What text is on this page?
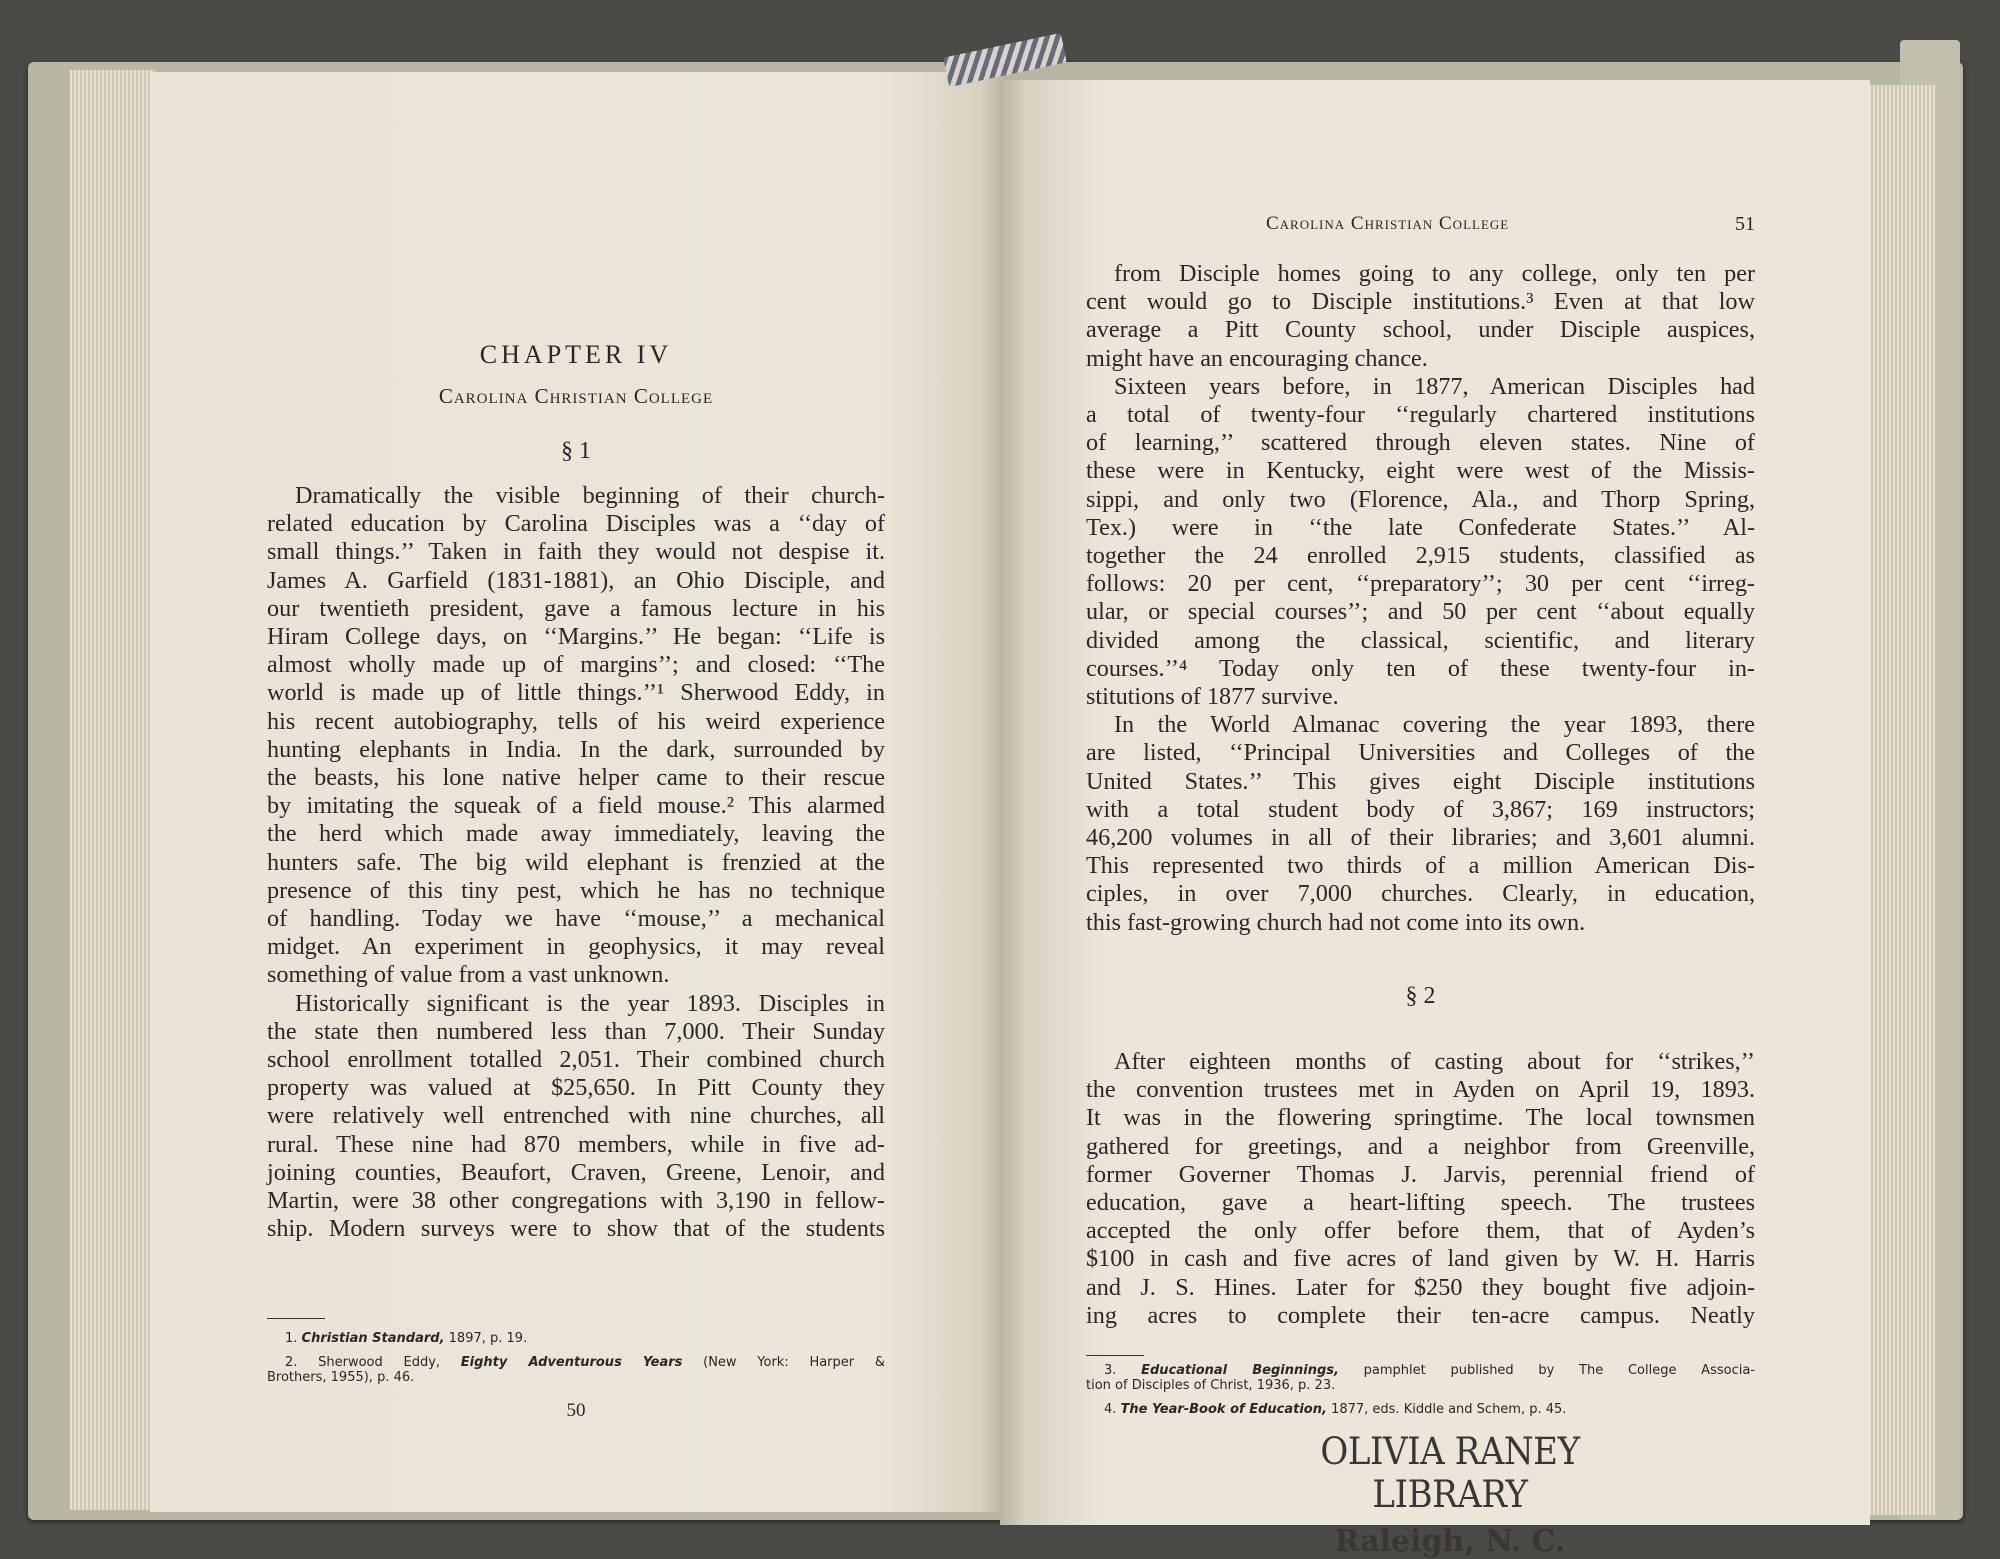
CHAPTER IV
Carolina Christian College
§ 1

Dramatically the visible beginning of their church-

related education by Carolina Disciples was a ‘‘day of

small things.’’ Taken in faith they would not despise it.

James A. Garfield (1831-1881), an Ohio Disciple, and

our twentieth president, gave a famous lecture in his

Hiram College days, on ‘‘Margins.’’ He began: ‘‘Life is

almost wholly made up of margins’’; and closed: ‘‘The

world is made up of little things.’’¹ Sherwood Eddy, in

his recent autobiography, tells of his weird experience

hunting elephants in India. In the dark, surrounded by

the beasts, his lone native helper came to their rescue

by imitating the squeak of a field mouse.² This alarmed

the herd which made away immediately, leaving the

hunters safe. The big wild elephant is frenzied at the

presence of this tiny pest, which he has no technique

of handling. Today we have ‘‘mouse,’’ a mechanical

midget. An experiment in geophysics, it may reveal

something of value from a vast unknown.

Historically significant is the year 1893. Disciples in

the state then numbered less than 7,000. Their Sunday

school enrollment totalled 2,051. Their combined church

property was valued at $25,650. In Pitt County they

were relatively well entrenched with nine churches, all

rural. These nine had 870 members, while in five ad-

joining counties, Beaufort, Craven, Greene, Lenoir, and

Martin, were 38 other congregations with 3,190 in fellow-

ship. Modern surveys were to show that of the students

1. Christian Standard, 1897, p. 19.

2. Sherwood Eddy, Eighty Adventurous Years (New York: Harper &

Brothers, 1955), p. 46.

50
Carolina Christian College	51

from Disciple homes going to any college, only ten per

cent would go to Disciple institutions.³ Even at that low

average a Pitt County school, under Disciple auspices,

might have an encouraging chance.

Sixteen years before, in 1877, American Disciples had

a total of twenty-four ‘‘regularly chartered institutions

of learning,’’ scattered through eleven states. Nine of

these were in Kentucky, eight were west of the Missis-

sippi, and only two (Florence, Ala., and Thorp Spring,

Tex.) were in ‘‘the late Confederate States.’’ Al-

together the 24 enrolled 2,915 students, classified as

follows: 20 per cent, ‘‘preparatory’’; 30 per cent ‘‘irreg-

ular, or special courses’’; and 50 per cent ‘‘about equally

divided among the classical, scientific, and literary

courses.’’⁴ Today only ten of these twenty-four in-

stitutions of 1877 survive.

In the World Almanac covering the year 1893, there

are listed, ‘‘Principal Universities and Colleges of the

United States.’’ This gives eight Disciple institutions

with a total student body of 3,867; 169 instructors;

46,200 volumes in all of their libraries; and 3,601 alumni.

This represented two thirds of a million American Dis-

ciples, in over 7,000 churches. Clearly, in education,

this fast-growing church had not come into its own.

§ 2

After eighteen months of casting about for ‘‘strikes,’’

the convention trustees met in Ayden on April 19, 1893.

It was in the flowering springtime. The local townsmen

gathered for greetings, and a neighbor from Greenville,

former Governer Thomas J. Jarvis, perennial friend of

education, gave a heart-lifting speech. The trustees

accepted the only offer before them, that of Ayden’s

$100 in cash and five acres of land given by W. H. Harris

and J. S. Hines. Later for $250 they bought five adjoin-

ing acres to complete their ten-acre campus. Neatly

3. Educational Beginnings, pamphlet published by The College Associa-

tion of Disciples of Christ, 1936, p. 23.

4. The Year-Book of Education, 1877, eds. Kiddle and Schem, p. 45.

OLIVIA RANEY LIBRARY
Raleigh, N. C.
